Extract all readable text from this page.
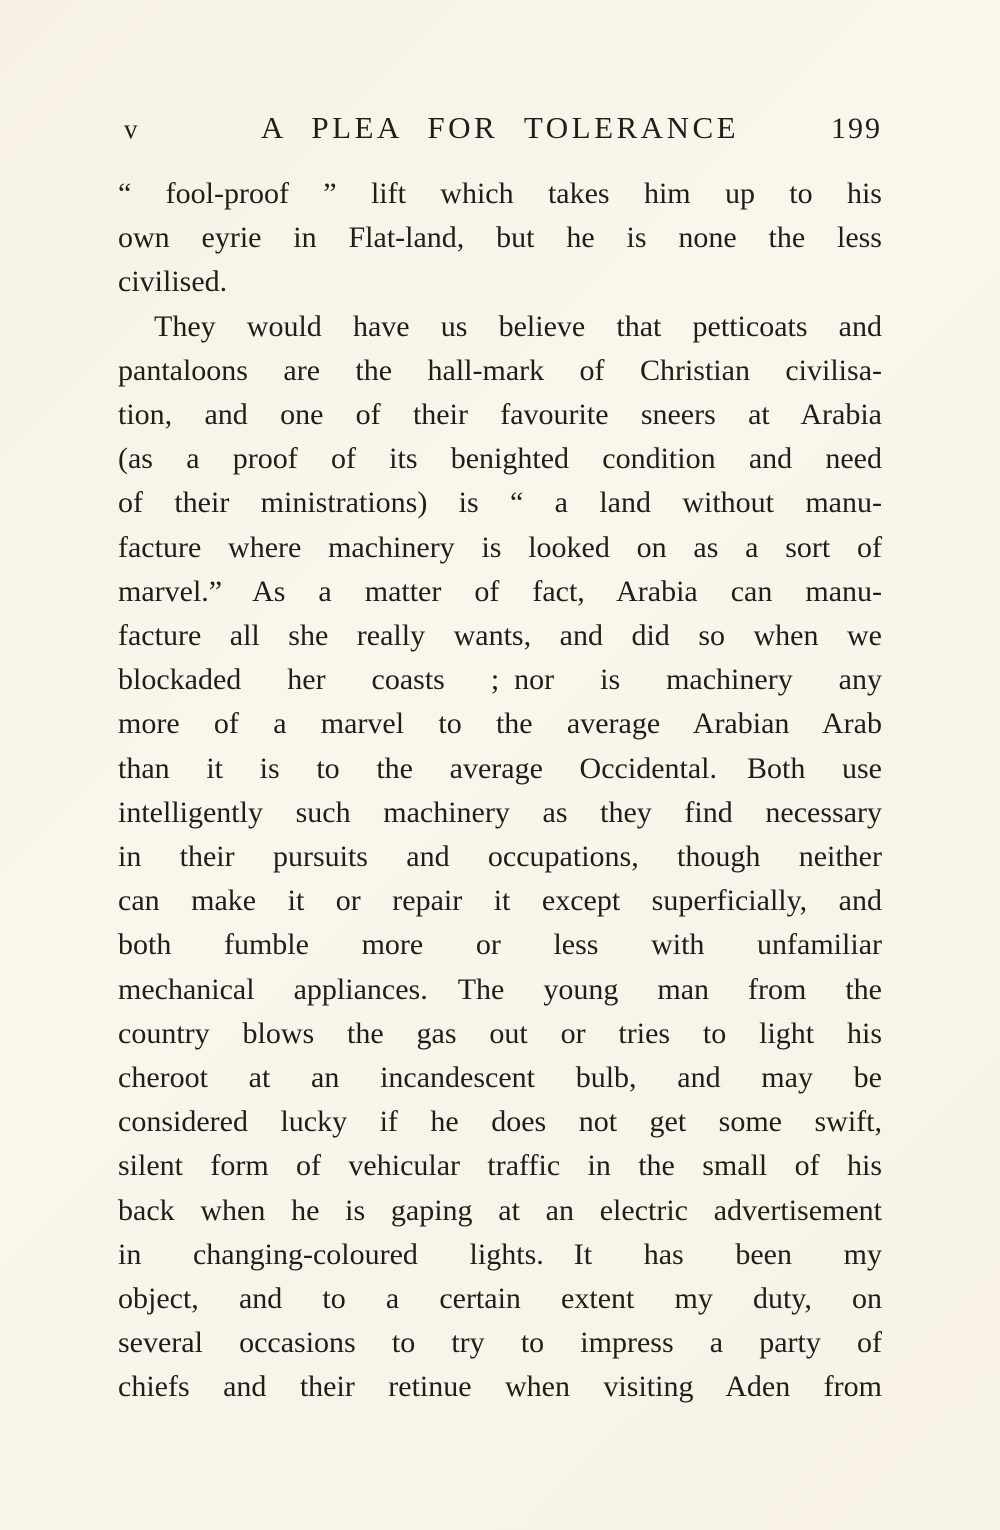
v	A PLEA FOR TOLERANCE	199
“ fool-proof ” lift which takes him up to his
own eyrie in Flat-land, but he is none the less
civilised.
They would have us believe that petticoats and
pantaloons are the hall-mark of Christian civilisa-
tion, and one of their favourite sneers at Arabia
(as a proof of its benighted condition and need
of their ministrations) is “ a land without manu-
facture where machinery is looked on as a sort of
marvel.” As a matter of fact, Arabia can manu-
facture all she really wants, and did so when we
blockaded her coasts ; nor is machinery any
more of a marvel to the average Arabian Arab
than it is to the average Occidental. Both use
intelligently such machinery as they find necessary
in their pursuits and occupations, though neither
can make it or repair it except superficially, and
both fumble more or less with unfamiliar
mechanical appliances. The young man from the
country blows the gas out or tries to light his
cheroot at an incandescent bulb, and may be
considered lucky if he does not get some swift,
silent form of vehicular traffic in the small of his
back when he is gaping at an electric advertisement
in changing-coloured lights. It has been my
object, and to a certain extent my duty, on
several occasions to try to impress a party of
chiefs and their retinue when visiting Aden from
